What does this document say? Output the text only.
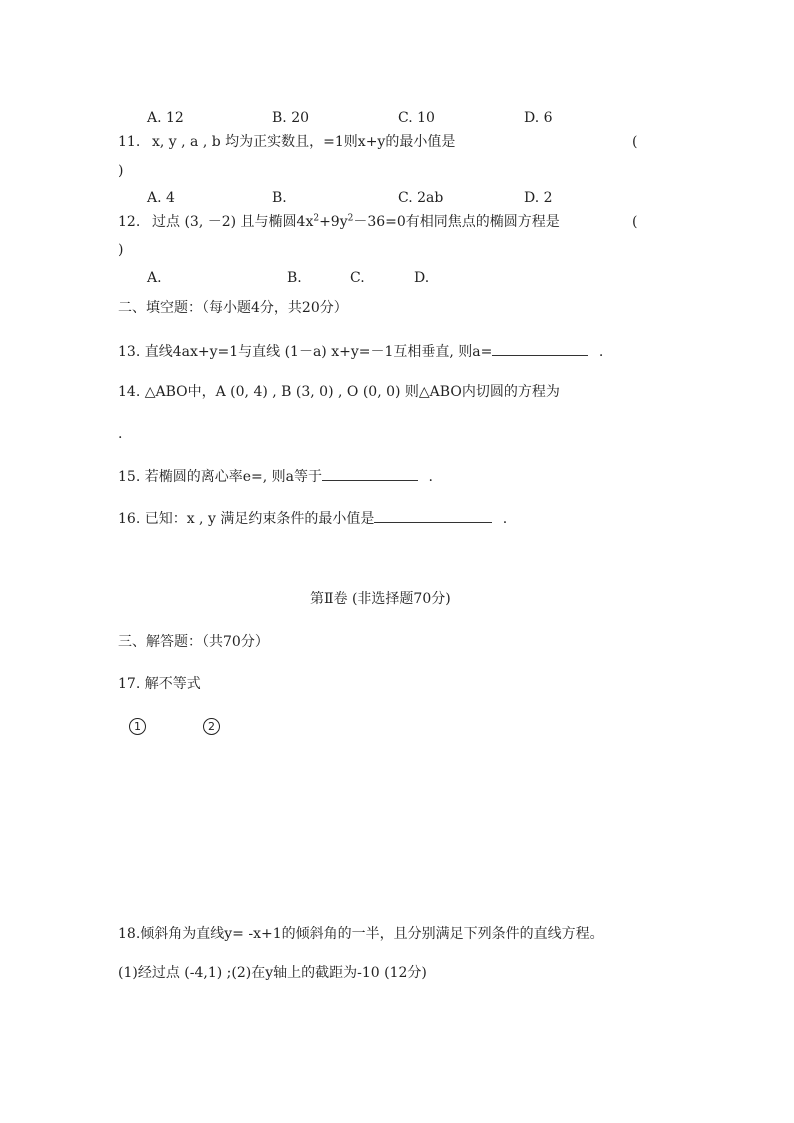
A. 12	B. 20	C. 10	D. 6
11. x, y , a , b 均为正实数且，=1则x+y的最小值是	(
)
A. 4	B.	C. 2ab	D. 2
12. 过点 (3, －2) 且与椭圆$4x^2+9y^2-36=0$有相同焦点的椭圆方程是	(
)
A.	B.	C.	D.
二、填空题：（每小题4分，共20分）
13. 直线4ax+y=1与直线 (1－a) x+y=－1互相垂直, 则a=	.
14. △ABO中，A (0, 4) , B (3, 0) , O (0, 0) 则△ABO内切圆的方程为
.
15. 若椭圆的离心率e=, 则a等于	.
16. 已知：x , y 满足约束条件的最小值是	.
第Ⅱ卷 (非选择题70分)
三、解答题：（共70分）
17. 解不等式
1	2
18.倾斜角为直线y= -x+1的倾斜角的一半，且分别满足下列条件的直线方程。
(1)经过点 (-4,1) ;(2)在y轴上的截距为-10 (12分)
